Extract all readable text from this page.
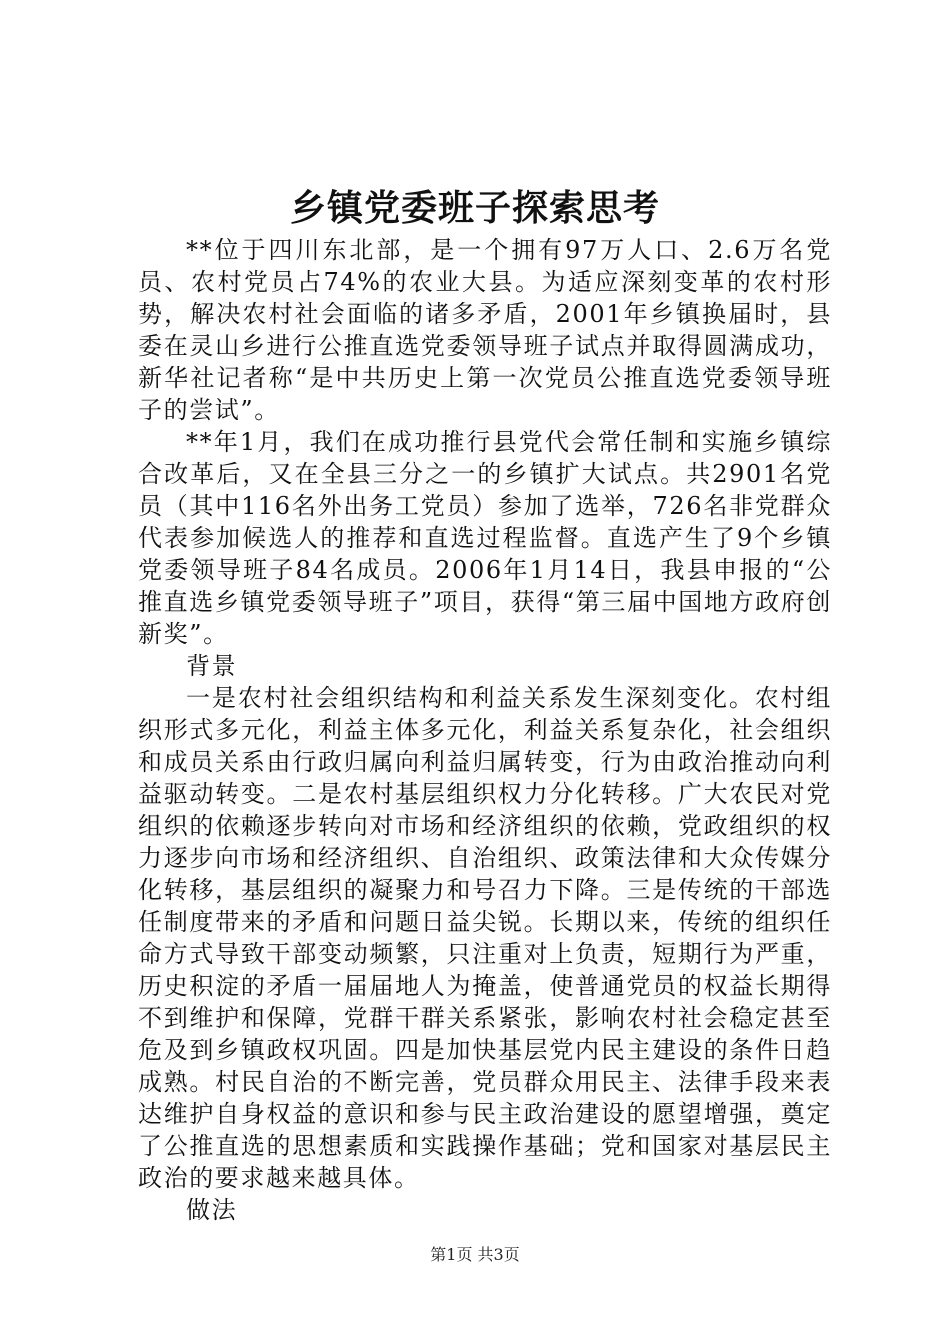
乡镇党委班子探索思考

**位于四川东北部，是一个拥有97万人口、2.6万名党员、农村党员占74%的农业大县。为适应深刻变革的农村形势，解决农村社会面临的诸多矛盾，2001年乡镇换届时，县委在灵山乡进行公推直选党委领导班子试点并取得圆满成功，新华社记者称“是中共历史上第一次党员公推直选党委领导班子的尝试”。

**年1月，我们在成功推行县党代会常任制和实施乡镇综合改革后，又在全县三分之一的乡镇扩大试点。共2901名党员（其中116名外出务工党员）参加了选举，726名非党群众代表参加候选人的推荐和直选过程监督。直选产生了9个乡镇党委领导班子84名成员。2006年1月14日，我县申报的“公推直选乡镇党委领导班子”项目，获得“第三届中国地方政府创新奖”。

背景

一是农村社会组织结构和利益关系发生深刻变化。农村组织形式多元化，利益主体多元化，利益关系复杂化，社会组织和成员关系由行政归属向利益归属转变，行为由政治推动向利益驱动转变。二是农村基层组织权力分化转移。广大农民对党组织的依赖逐步转向对市场和经济组织的依赖，党政组织的权力逐步向市场和经济组织、自治组织、政策法律和大众传媒分化转移，基层组织的凝聚力和号召力下降。三是传统的干部选任制度带来的矛盾和问题日益尖锐。长期以来，传统的组织任命方式导致干部变动频繁，只注重对上负责，短期行为严重，历史积淀的矛盾一届届地人为掩盖，使普通党员的权益长期得不到维护和保障，党群干群关系紧张，影响农村社会稳定甚至危及到乡镇政权巩固。四是加快基层党内民主建设的条件日趋成熟。村民自治的不断完善，党员群众用民主、法律手段来表达维护自身权益的意识和参与民主政治建设的愿望增强，奠定了公推直选的思想素质和实践操作基础；党和国家对基层民主政治的要求越来越具体。

做法

第1页 共3页
